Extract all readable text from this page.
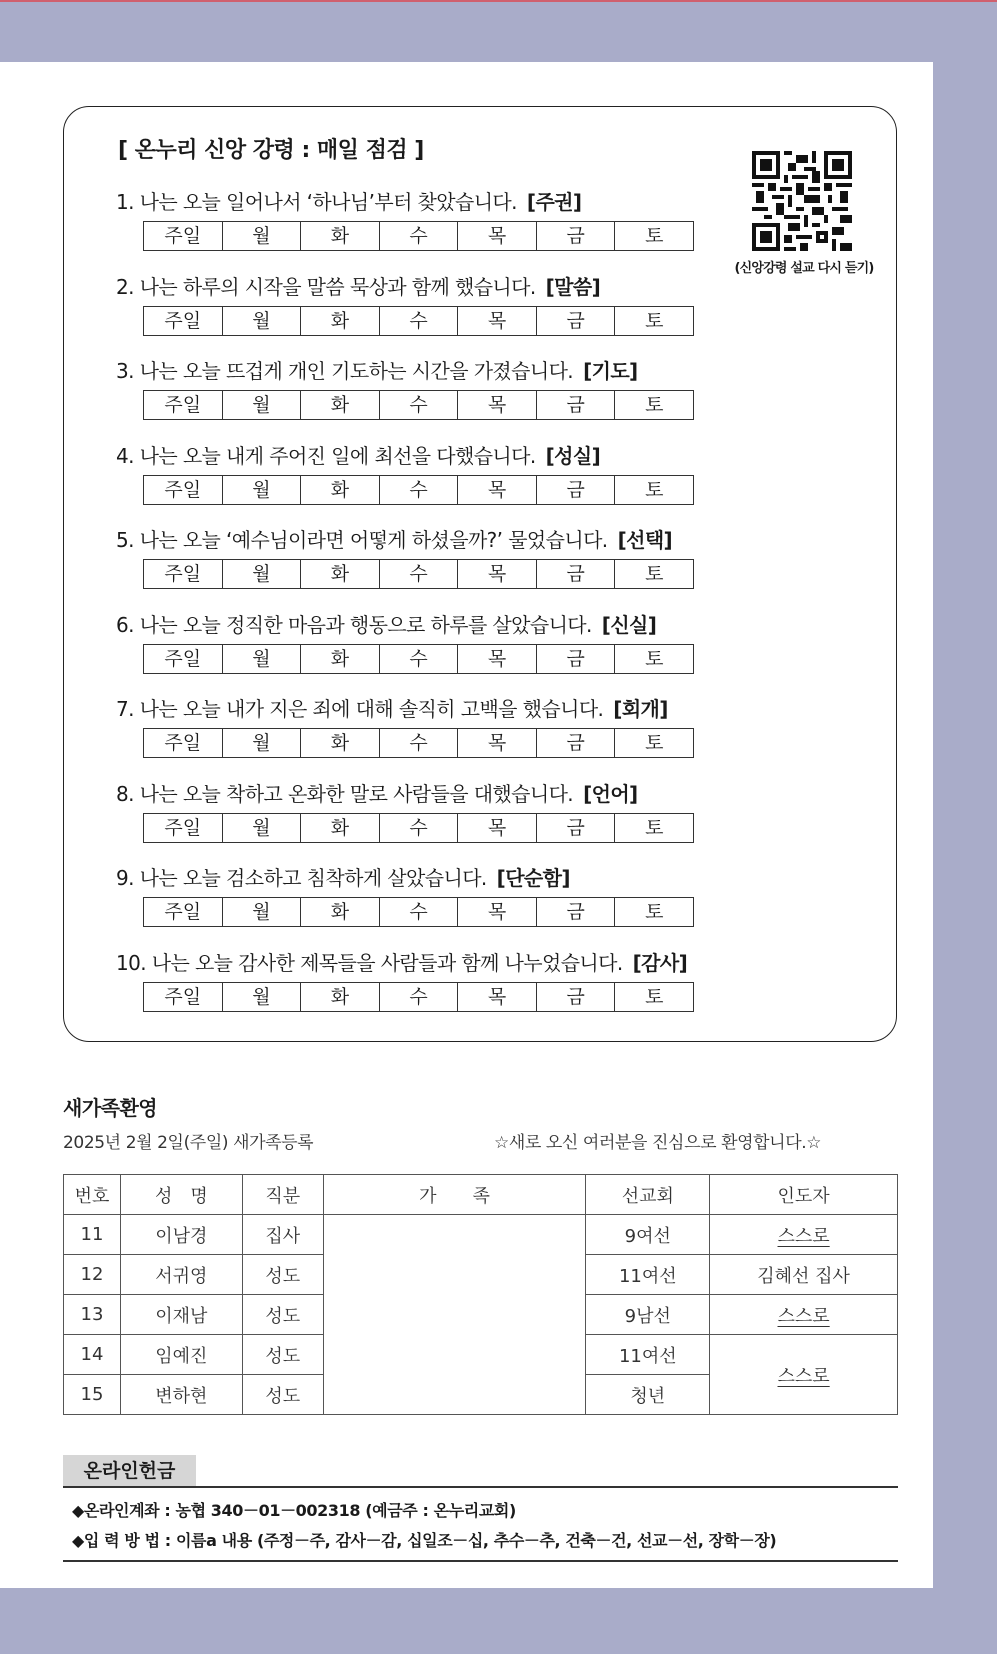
[ 온누리 신앙 강령 : 매일 점검 ]
(신앙강령 설교 다시 듣기)
1. 나는 오늘 일어나서 ‘하나님’부터 찾았습니다. [주권]
주일	월	화	수	목	금	토
2. 나는 하루의 시작을 말씀 묵상과 함께 했습니다. [말씀]
주일	월	화	수	목	금	토
3. 나는 오늘 뜨겁게 개인 기도하는 시간을 가졌습니다. [기도]
주일	월	화	수	목	금	토
4. 나는 오늘 내게 주어진 일에 최선을 다했습니다. [성실]
주일	월	화	수	목	금	토
5. 나는 오늘 ‘예수님이라면 어떻게 하셨을까?’ 물었습니다. [선택]
주일	월	화	수	목	금	토
6. 나는 오늘 정직한 마음과 행동으로 하루를 살았습니다. [신실]
주일	월	화	수	목	금	토
7. 나는 오늘 내가 지은 죄에 대해 솔직히 고백을 했습니다. [회개]
주일	월	화	수	목	금	토
8. 나는 오늘 착하고 온화한 말로 사람들을 대했습니다. [언어]
주일	월	화	수	목	금	토
9. 나는 오늘 검소하고 침착하게 살았습니다. [단순함]
주일	월	화	수	목	금	토
10. 나는 오늘 감사한 제목들을 사람들과 함께 나누었습니다. [감사]
주일	월	화	수	목	금	토
새가족환영
2025년 2월 2일(주일) 새가족등록	☆새로 오신 여러분을 진심으로 환영합니다.☆
번호	성　명	직분	가　　족	선교회	인도자
11	이남경	집사		9여선	스스로
12	서귀영	성도		11여선	김혜선 집사
13	이재남	성도		9남선	스스로
14	임예진	성도		11여선	스스로
15	변하현	성도		청년	
온라인헌금
◆온라인계좌 : 농협 340－01－002318 (예금주 : 온누리교회)
◆입 력 방 법 : 이름a 내용 (주정－주, 감사－감, 십일조－십, 추수－추, 건축－건, 선교－선, 장학－장)
